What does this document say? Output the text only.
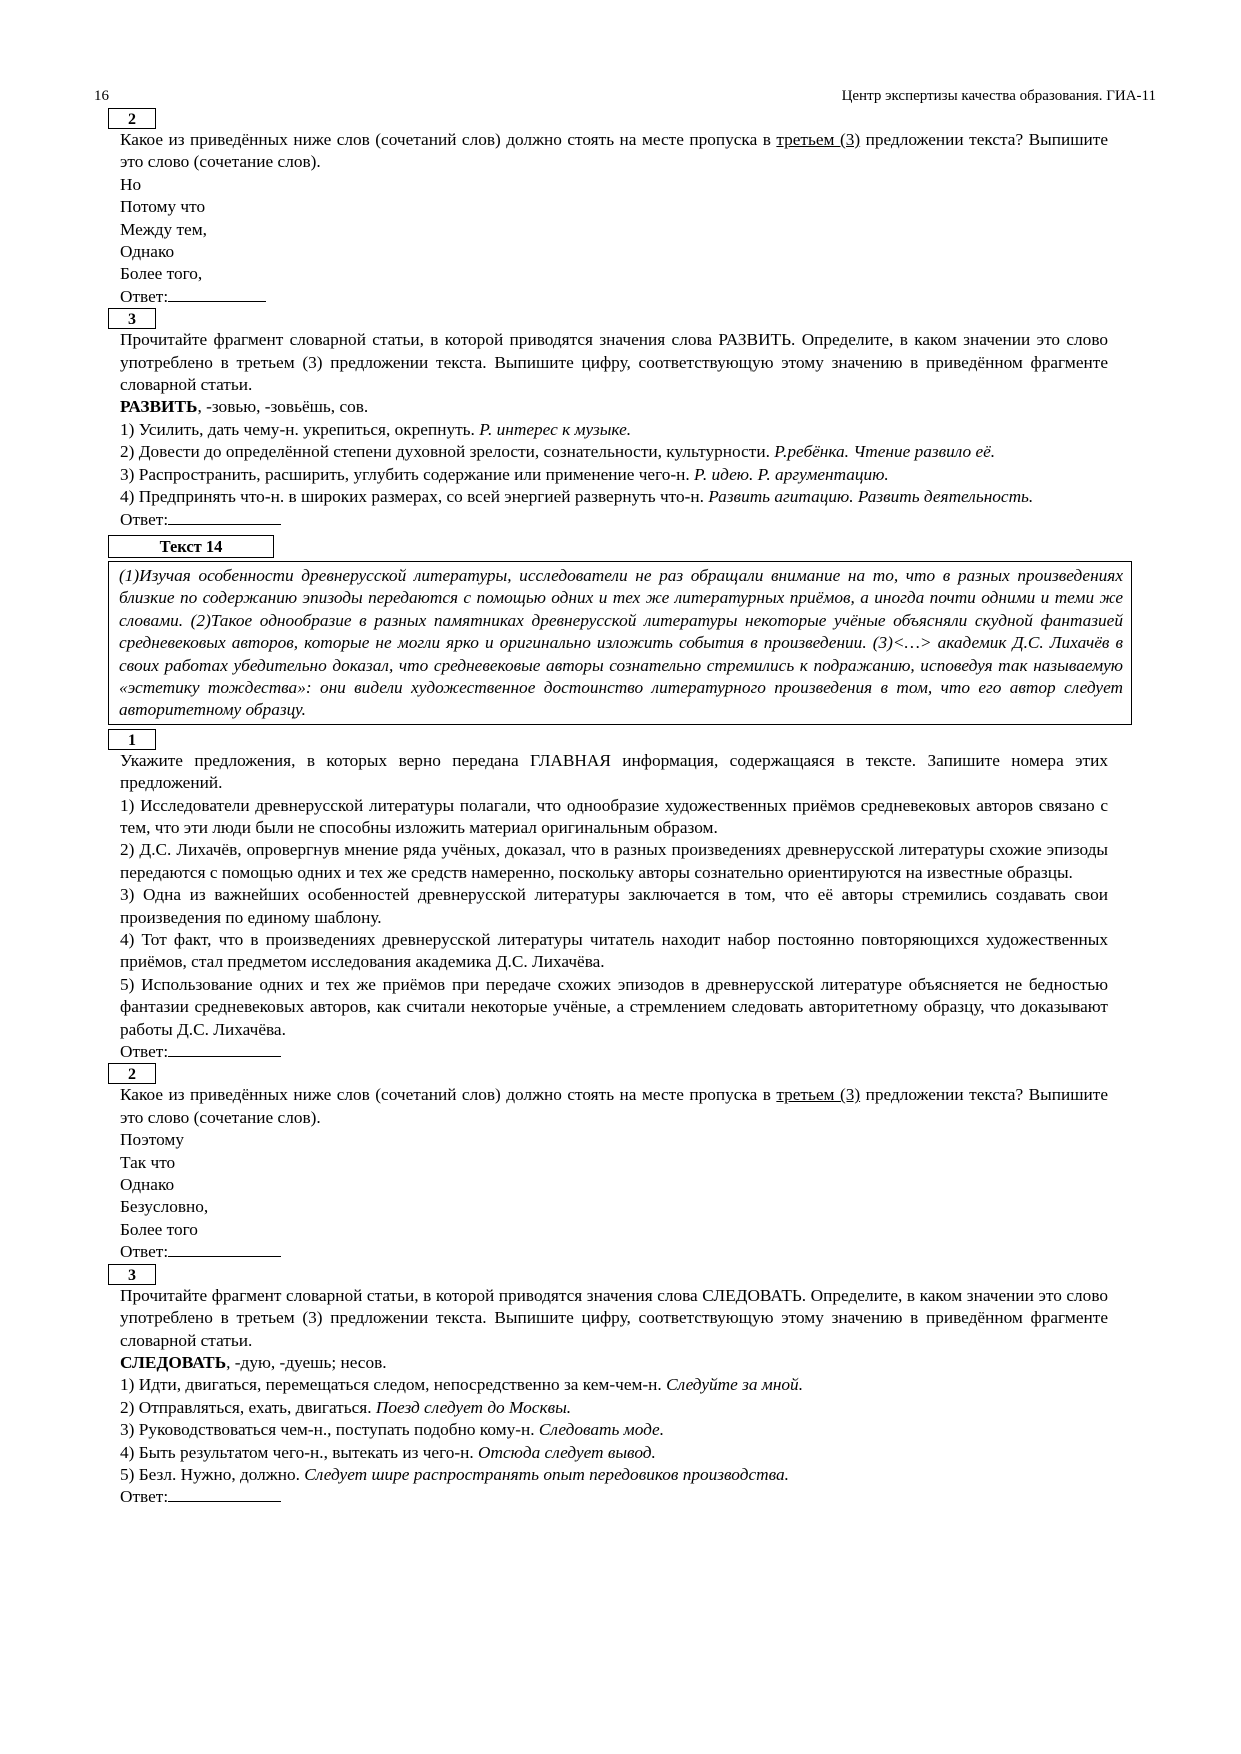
16	Центр экспертизы качества образования. ГИА-11
2
Какое из приведённых ниже слов (сочетаний слов) должно стоять на месте пропуска в третьем (3) предложении текста? Выпишите это слово (сочетание слов).
Но
Потому что
Между тем,
Однако
Более того,
Ответ:
3
Прочитайте фрагмент словарной статьи, в которой приводятся значения слова РАЗВИТЬ. Определите, в каком значении это слово употреблено в третьем (3) предложении текста. Выпишите цифру, соответствующую этому значению в приведённом фрагменте словарной статьи.
РАЗВИТЬ, -зовью, -зовьёшь, сов.
1) Усилить, дать чему-н. укрепиться, окрепнуть. Р. интерес к музыке.
2) Довести до определённой степени духовной зрелости, сознательности, культурности. Р.ребёнка. Чтение развило её.
3) Распространить, расширить, углубить содержание или применение чего-н. Р. идею. Р. аргументацию.
4) Предпринять что-н. в широких размерах, со всей энергией развернуть что-н. Развить агитацию. Развить деятельность.
Ответ:
Текст 14
(1)Изучая особенности древнерусской литературы, исследователи не раз обращали внимание на то, что в разных произведениях близкие по содержанию эпизоды передаются с помощью одних и тех же литературных приёмов, а иногда почти одними и теми же словами. (2)Такое однообразие в разных памятниках древнерусской литературы некоторые учёные объясняли скудной фантазией средневековых авторов, которые не могли ярко и оригинально изложить события в произведении. (3)<…> академик Д.С. Лихачёв в своих работах убедительно доказал, что средневековые авторы сознательно стремились к подражанию, исповедуя так называемую «эстетику тождества»: они видели художественное достоинство литературного произведения в том, что его автор следует авторитетному образцу.
1
Укажите предложения, в которых верно передана ГЛАВНАЯ информация, содержащаяся в тексте. Запишите номера этих предложений.
1) Исследователи древнерусской литературы полагали, что однообразие художественных приёмов средневековых авторов связано с тем, что эти люди были не способны изложить материал оригинальным образом.
2) Д.С. Лихачёв, опровергнув мнение ряда учёных, доказал, что в разных произведениях древнерусской литературы схожие эпизоды передаются с помощью одних и тех же средств намеренно, поскольку авторы сознательно ориентируются на известные образцы.
3) Одна из важнейших особенностей древнерусской литературы заключается в том, что её авторы стремились создавать свои произведения по единому шаблону.
4) Тот факт, что в произведениях древнерусской литературы читатель находит набор постоянно повторяющихся художественных приёмов, стал предметом исследования академика Д.С. Лихачёва.
5) Использование одних и тех же приёмов при передаче схожих эпизодов в древнерусской литературе объясняется не бедностью фантазии средневековых авторов, как считали некоторые учёные, а стремлением следовать авторитетному образцу, что доказывают работы Д.С. Лихачёва.
Ответ:
2
Какое из приведённых ниже слов (сочетаний слов) должно стоять на месте пропуска в третьем (3) предложении текста? Выпишите это слово (сочетание слов).
Поэтому
Так что
Однако
Безусловно,
Более того
Ответ:
3
Прочитайте фрагмент словарной статьи, в которой приводятся значения слова СЛЕДОВАТЬ. Определите, в каком значении это слово употреблено в третьем (3) предложении текста. Выпишите цифру, соответствующую этому значению в приведённом фрагменте словарной статьи.
СЛЕДОВАТЬ, -дую, -дуешь; несов.
1) Идти, двигаться, перемещаться следом, непосредственно за кем-чем-н. Следуйте за мной.
2) Отправляться, ехать, двигаться. Поезд следует до Москвы.
3) Руководствоваться чем-н., поступать подобно кому-н. Следовать моде.
4) Быть результатом чего-н., вытекать из чего-н. Отсюда следует вывод.
5) Безл. Нужно, должно. Следует шире распространять опыт передовиков производства.
Ответ:
